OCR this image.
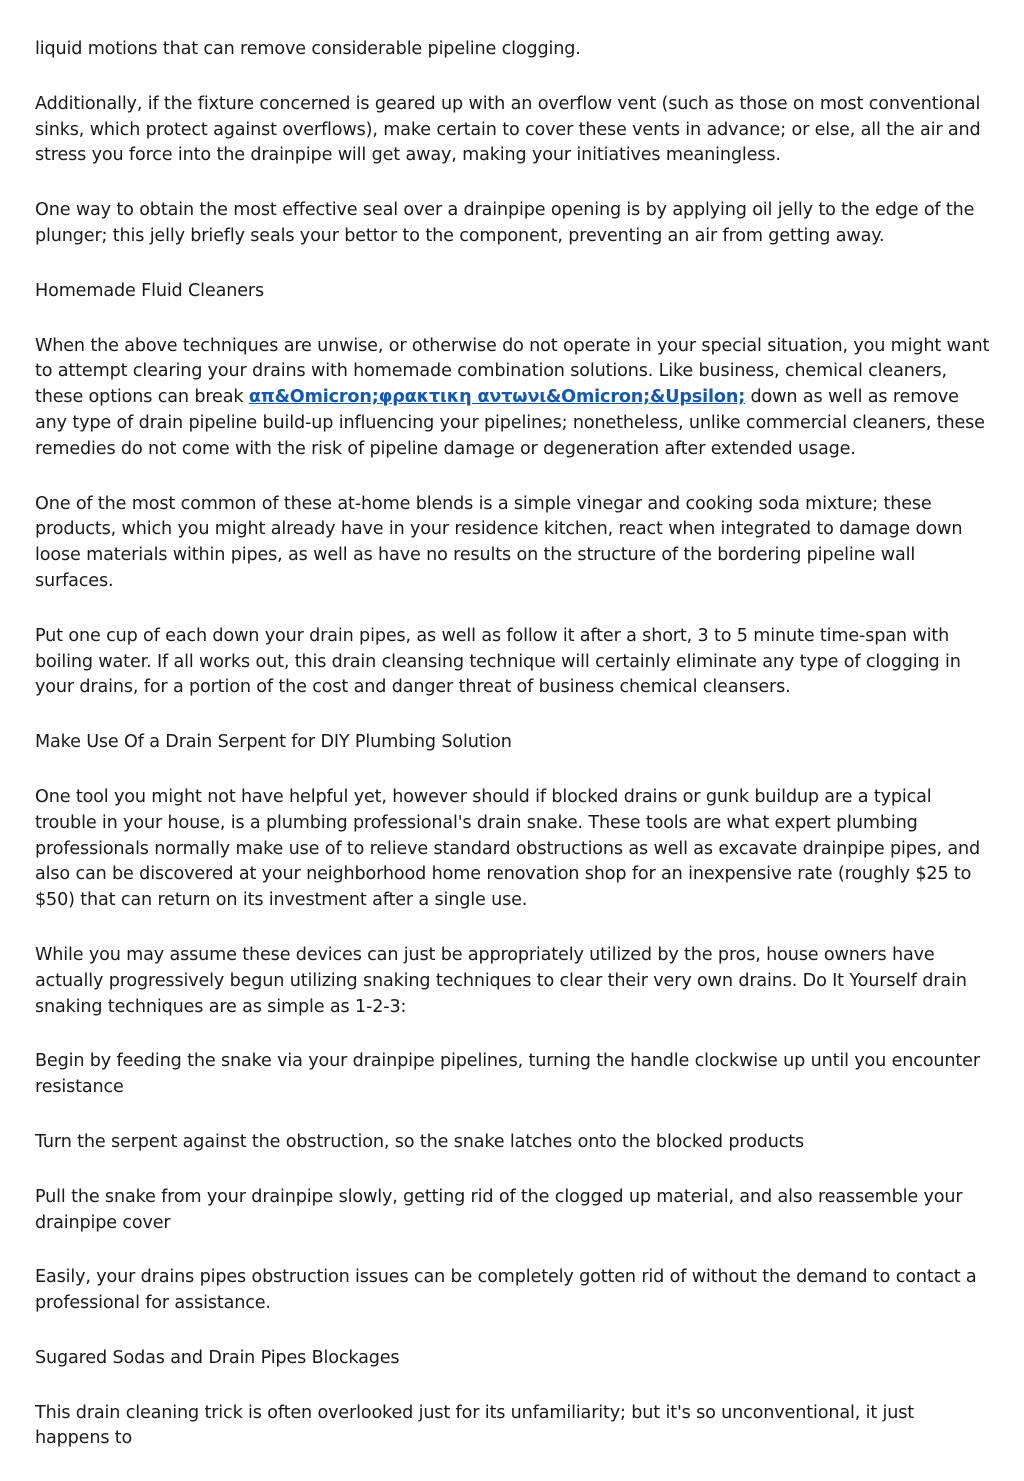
liquid motions that can remove considerable pipeline clogging.

Additionally, if the fixture concerned is geared up with an overflow vent (such as those on most conventional sinks, which protect against overflows), make certain to cover these vents in advance; or else, all the air and stress you force into the drainpipe will get away, making your initiatives meaningless.

One way to obtain the most effective seal over a drainpipe opening is by applying oil jelly to the edge of the plunger; this jelly briefly seals your bettor to the component, preventing an air from getting away.

Homemade Fluid Cleaners

When the above techniques are unwise, or otherwise do not operate in your special situation, you might want to attempt clearing your drains with homemade combination solutions. Like business, chemical cleaners, these options can break απ&Omicron;φρακτικη αντωνι&Omicron;&Upsilon; down as well as remove any type of drain pipeline build-up influencing your pipelines; nonetheless, unlike commercial cleaners, these remedies do not come with the risk of pipeline damage or degeneration after extended usage.

One of the most common of these at-home blends is a simple vinegar and cooking soda mixture; these products, which you might already have in your residence kitchen, react when integrated to damage down loose materials within pipes, as well as have no results on the structure of the bordering pipeline wall surfaces.

Put one cup of each down your drain pipes, as well as follow it after a short, 3 to 5 minute time-span with boiling water. If all works out, this drain cleansing technique will certainly eliminate any type of clogging in your drains, for a portion of the cost and danger threat of business chemical cleansers.

Make Use Of a Drain Serpent for DIY Plumbing Solution

One tool you might not have helpful yet, however should if blocked drains or gunk buildup are a typical trouble in your house, is a plumbing professional's drain snake. These tools are what expert plumbing professionals normally make use of to relieve standard obstructions as well as excavate drainpipe pipes, and also can be discovered at your neighborhood home renovation shop for an inexpensive rate (roughly $25 to $50) that can return on its investment after a single use.

While you may assume these devices can just be appropriately utilized by the pros, house owners have actually progressively begun utilizing snaking techniques to clear their very own drains. Do It Yourself drain snaking techniques are as simple as 1-2-3:

Begin by feeding the snake via your drainpipe pipelines, turning the handle clockwise up until you encounter resistance

Turn the serpent against the obstruction, so the snake latches onto the blocked products

Pull the snake from your drainpipe slowly, getting rid of the clogged up material, and also reassemble your drainpipe cover

Easily, your drains pipes obstruction issues can be completely gotten rid of without the demand to contact a professional for assistance.

Sugared Sodas and Drain Pipes Blockages

This drain cleaning trick is often overlooked just for its unfamiliarity; but it's so unconventional, it just happens to
